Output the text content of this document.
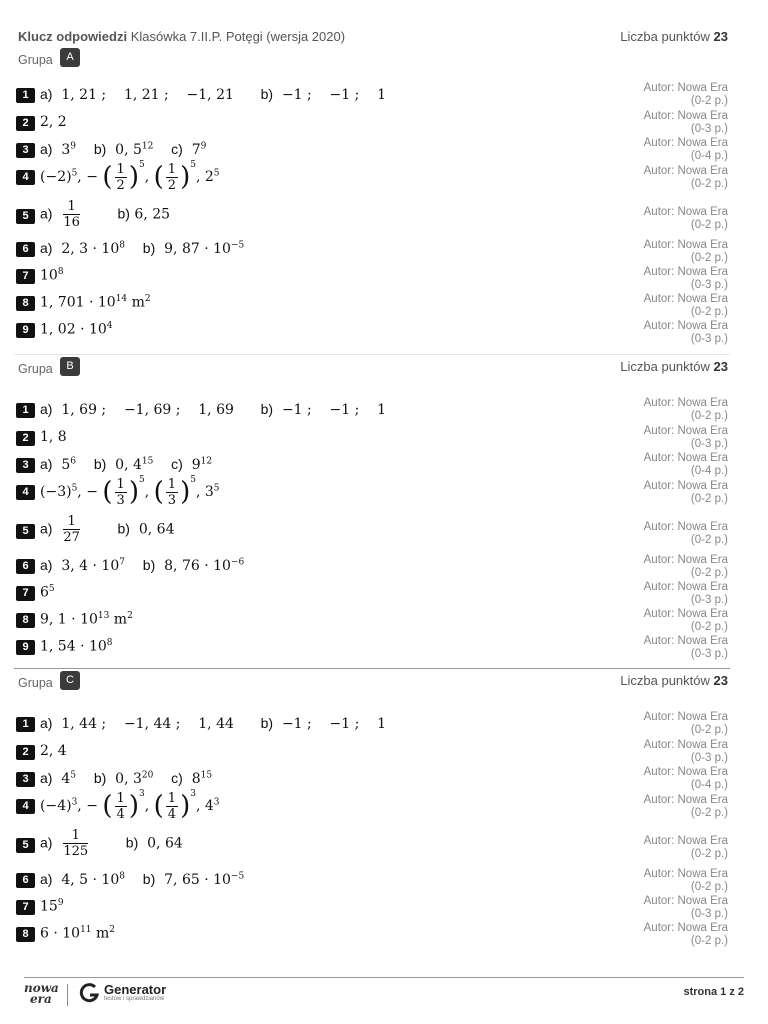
Klucz odpowiedzi Klasówka 7.II.P. Potęgi (wersja 2020)	Liczba punktów 23
Grupa	A
1 a)  1, 21 ;    1, 21 ;    −1, 21      b)  −1 ;    −1 ;    1	Autor: Nowa Era
(0-2 p.)
2 2, 2	Autor: Nowa Era
(0-3 p.)
3 a)  $3^9$ b)  0, $5^{12}$ c)  $7^9$	Autor: Nowa Era
(0-4 p.)
4 $(-2)^5$, − ( $\frac{1}{2} )^5$, ( $\frac{1}{2} )^5$, $2^5$	Autor: Nowa Era
(0-2 p.)
5 $a) \frac{1}{16}$	b) 6, 25	Autor: Nowa Era
(0-2 p.)
6 a)  2, $3 \cdot 10^8$ b)  9, $87 \cdot 10^{-5}$	Autor: Nowa Era
(0-2 p.)
7 $10^8$	Autor: Nowa Era
(0-3 p.)
8 1, $701 \cdot 10^{14}$ $m^2$	Autor: Nowa Era
(0-2 p.)
9 1, $02 \cdot 10^4$	Autor: Nowa Era
(0-3 p.)
Grupa	B	Liczba punktów 23
1 a)  1, 69 ;    −1, 69 ;    1, 69      b)  −1 ;    −1 ;    1	Autor: Nowa Era
(0-2 p.)
2 1, 8	Autor: Nowa Era
(0-3 p.)
3 a)  $5^6$ b)  0, $4^{15}$ c)  $9^{12}$	Autor: Nowa Era
(0-4 p.)
4 $(-3)^5$, − ( $\frac{1}{3} )^5$, ( $\frac{1}{3} )^5$, $3^5$	Autor: Nowa Era
(0-2 p.)
5 $a) \frac{1}{27}$	b)  0, 64	Autor: Nowa Era
(0-2 p.)
6 a)  3, $4 \cdot 10^7$ b)  8, $76 \cdot 10^{-6}$	Autor: Nowa Era
(0-2 p.)
7 $6^5$	Autor: Nowa Era
(0-3 p.)
8 9, $1 \cdot 10^{13}$ $m^2$	Autor: Nowa Era
(0-2 p.)
9 1, $54 \cdot 10^8$	Autor: Nowa Era
(0-3 p.)
Grupa	C	Liczba punktów 23
1 a)  1, 44 ;    −1, 44 ;    1, 44      b)  −1 ;    −1 ;    1	Autor: Nowa Era
(0-2 p.)
2 2, 4	Autor: Nowa Era
(0-3 p.)
3 a)  $4^5$ b)  0, $3^{20}$ c)  $8^{15}$	Autor: Nowa Era
(0-4 p.)
4 $(-4)^3$, − ( $\frac{1}{4} )^3$, ( $\frac{1}{4} )^3$, $4^3$	Autor: Nowa Era
(0-2 p.)
5 $a) \frac{1}{125}$	b)  0, 64	Autor: Nowa Era
(0-2 p.)
6 a)  4, $5 \cdot 10^8$ b)  7, $65 \cdot 10^{-5}$	Autor: Nowa Era
(0-2 p.)
7 $15^9$	Autor: Nowa Era
(0-3 p.)
8 $6 \cdot 10^{11}$ $m^2$	Autor: Nowa Era
(0-2 p.)
nowa
era
Generator
testów i sprawdzianów
strona 1 z 2
